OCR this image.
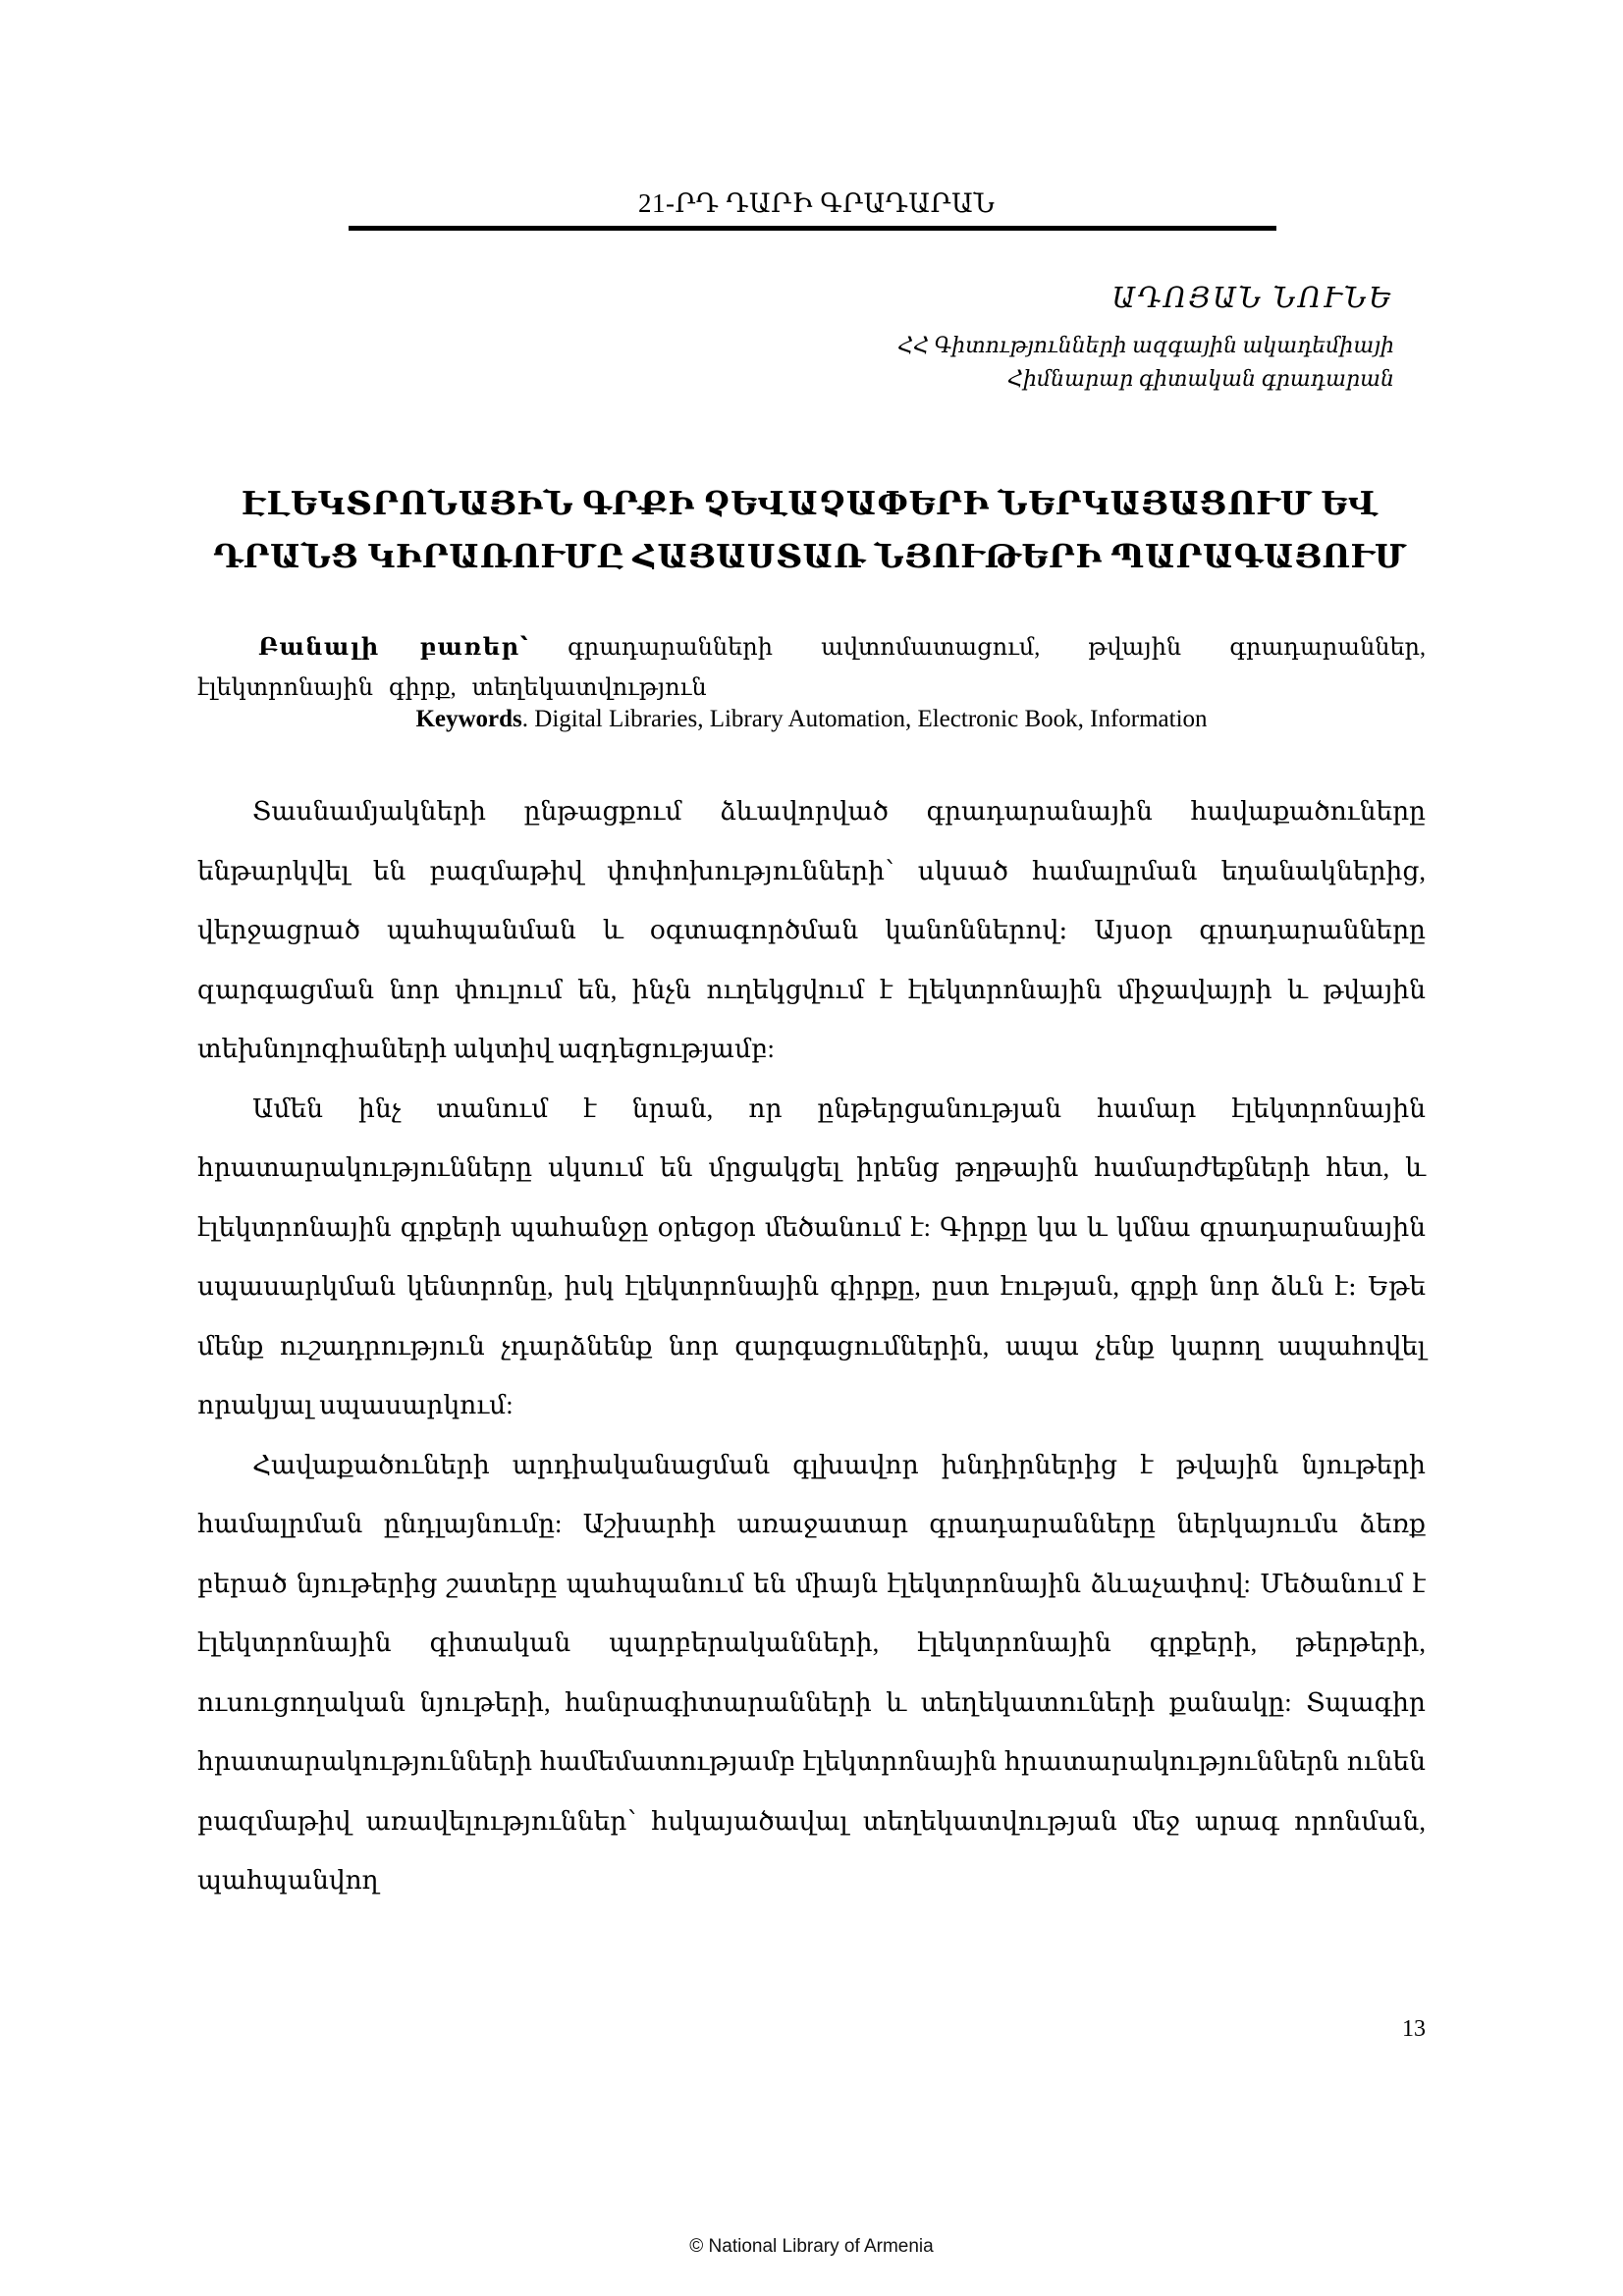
21-ՐԴ ԴԱՐԻ ԳՐԱԴԱՐԱՆ
ԱԴՈՅԱՆ ՆՈՒՆԵ
ՀՀ Գիտությունների ազգային ակադեմիայի
Հիմնարար գիտական գրադարան
ԷԼԵԿՏՐՈՆԱՅԻՆ ԳՐՔԻ ՉԵՎԱՉԱՓԵՐԻ ՆԵՐԿԱՅԱՑՈՒՄ ԵՎ
ԴՐԱՆՑ ԿԻՐԱՌՈՒՄԸ ՀԱՅԱՍՏԱՌ ՆՅՈՒԹԵՐԻ ՊԱՐԱԳԱՅՈՒՄ
Բանալի բառեր՝ գրադարանների ավտոմատացում, թվային գրադարաններ, էլեկտրոնային գիրք, տեղեկատվություն
Keywords. Digital Libraries, Library Automation, Electronic Book, Information

Տասնամյակների ընթացքում ձևավորված գրադարանային հավաքածուները ենթարկվել են բազմաթիվ փոփոխությունների՝ սկսած համալրման եղանակներից, վերջացրած պահպանման և օգտագործման կանոններով։ Այսօր գրադարանները զարգացման նոր փուլում են, ինչն ուղեկցվում է էլեկտրոնային միջավայրի և թվային տեխնոլոգիաների ակտիվ ազդեցությամբ:

Ամեն ինչ տանում է նրան, որ ընթերցանության համար էլեկտրոնային հրատարակությունները սկսում են մրցակցել իրենց թղթային համարժեքների հետ, և էլեկտրոնային գրքերի պահանջը օրեցօր մեծանում է: Գիրքը կա և կմնա գրադարանային սպասարկման կենտրոնը, իսկ էլեկտրոնային գիրքը, ըստ էության, գրքի նոր ձևն է։ Եթե մենք ուշադրություն չդարձնենք նոր զարգացումներին, ապա չենք կարող ապահովել որակյալ սպասարկում:

Հավաքածուների արդիականացման գլխավոր խնդիրներից է թվային նյութերի համալրման ընդլայնումը: Աշխարհի առաջատար գրադարանները ներկայումս ձեռք բերած նյութերից շատերը պահպանում են միայն էլեկտրոնային ձևաչափով: Մեծանում է էլեկտրոնային գիտական պարբերականների, էլեկտրոնային գրքերի, թերթերի, ուսուցողական նյութերի, հանրագիտարանների և տեղեկատուների քանակը: Տպագիր հրատարակությունների համեմատությամբ էլեկտրոնային հրատարակություններն ունեն բազմաթիվ առավելություններ՝ հսկայածավալ տեղեկատվության մեջ արագ որոնման, պահպանվող

13
© National Library of Armenia
